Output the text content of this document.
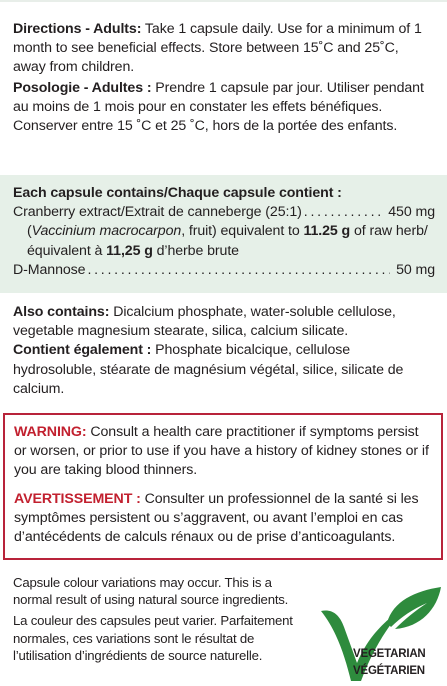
Directions - Adults: Take 1 capsule daily. Use for a minimum of 1 month to see beneficial effects. Store between 15˚C and 25˚C, away from children.

Posologie - Adultes : Prendre 1 capsule par jour. Utiliser pendant au moins de 1 mois pour en constater les effets bénéfiques. Conserver entre 15 ˚C et 25 ˚C, hors de la portée des enfants.

Each capsule contains/Chaque capsule contient :

Cranberry extract/Extrait de canneberge (25:1) . . .	450 mg

(Vaccinium macrocarpon, fruit) equivalent to 11.25 g of raw herb/équivalent à 11,25 g d’herbe brute

D-Mannose . . .	50 mg

Also contains: Dicalcium phosphate, water-soluble cellulose, vegetable magnesium stearate, silica, calcium silicate.

Contient également : Phosphate bicalcique, cellulose hydrosoluble, stéarate de magnésium végétal, silice, silicate de calcium.

WARNING: Consult a health care practitioner if symptoms persist or worsen, or prior to use if you have a history of kidney stones or if you are taking blood thinners.

AVERTISSEMENT : Consulter un professionnel de la santé si les symptômes persistent ou s’aggravent, ou avant l’emploi en cas d’antécédents de calculs rénaux ou de prise d’anticoagulants.

Capsule colour variations may occur. This is a normal result of using natural source ingredients.

La couleur des capsules peut varier. Parfaitement normales, ces variations sont le résultat de l’utilisation d’ingrédients de source naturelle.	VEGETARIAN
VÉGÉTARIEN
